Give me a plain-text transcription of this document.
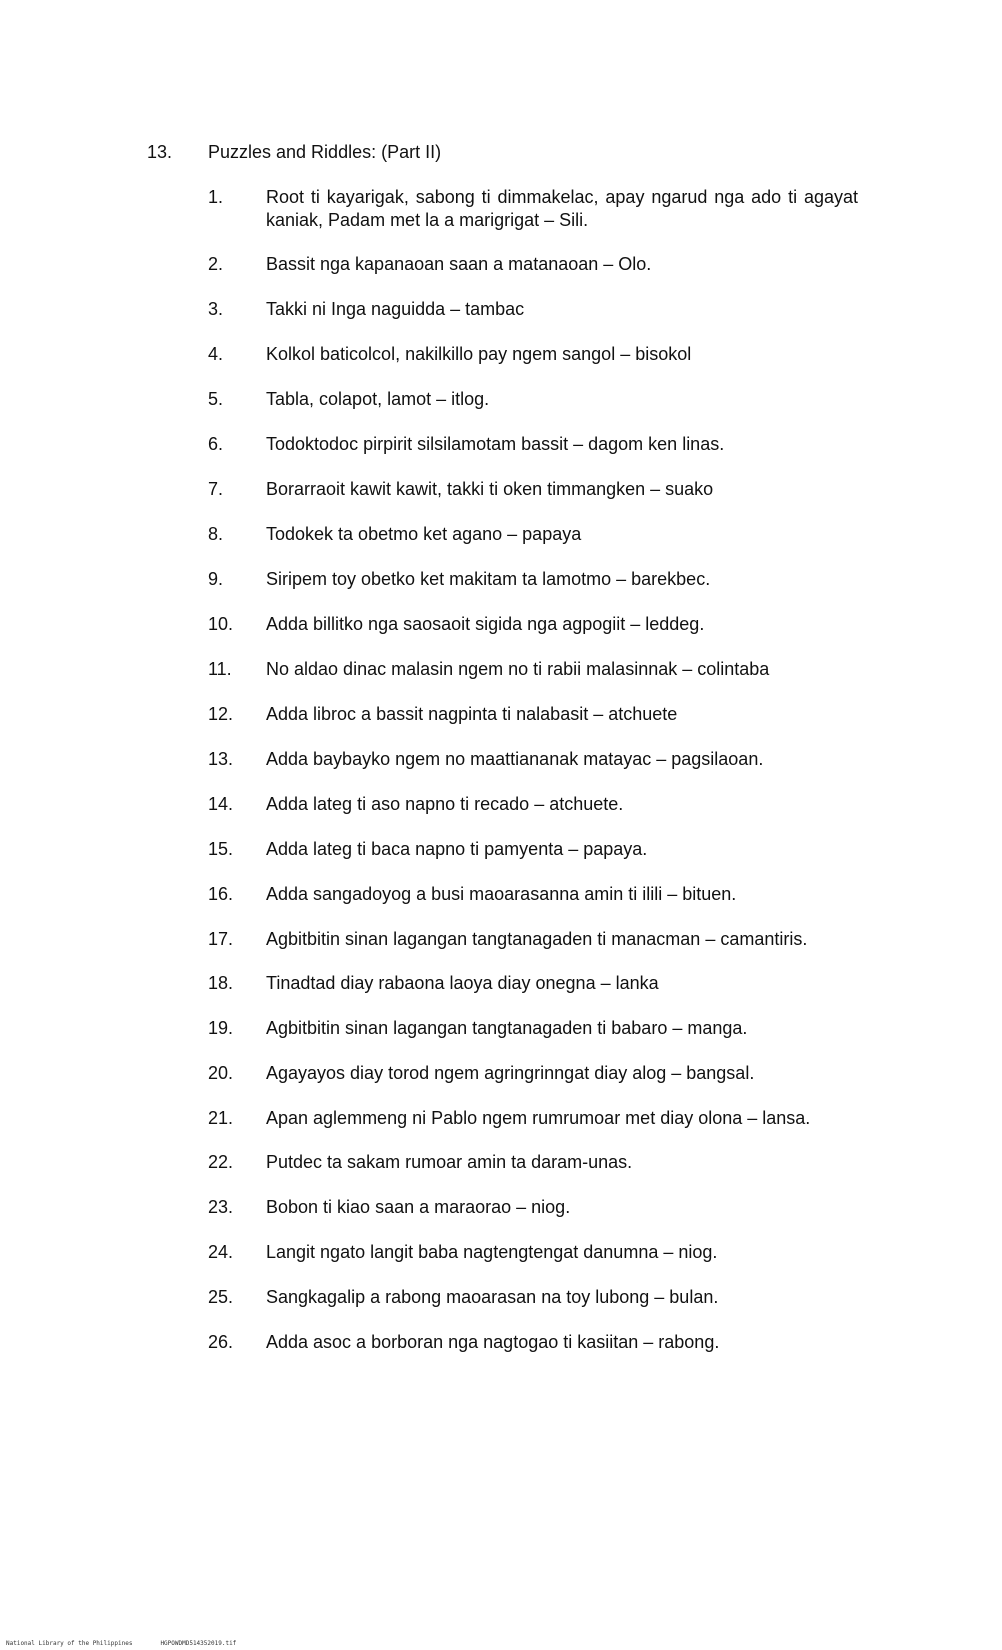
13. Puzzles and Riddles: (Part II)
1. Root ti kayarigak, sabong ti dimmakelac, apay ngarud nga ado ti agayat kaniak, Padam met la a marigrigat – Sili.
2. Bassit nga kapanaoan saan a matanaoan – Olo.
3. Takki ni Inga naguidda – tambac
4. Kolkol baticolcol, nakilkillo pay ngem sangol – bisokol
5. Tabla, colapot, lamot – itlog.
6. Todoktodoc pirpirit silsilamotam bassit – dagom ken linas.
7. Borarraoit kawit kawit, takki ti oken timmangken – suako
8. Todokek ta obetmo ket agano – papaya
9. Siripem toy obetko ket makitam ta lamotmo – barekbec.
10. Adda billitko nga saosaoit sigida nga agpogiit – leddeg.
11. No aldao dinac malasin ngem no ti rabii malasinnak – colintaba
12. Adda libroc a bassit nagpinta ti nalabasit – atchuete
13. Adda baybayko ngem no maattiananak matayac – pagsilaoan.
14. Adda lateg ti aso napno ti recado – atchuete.
15. Adda lateg ti baca napno ti pamyenta – papaya.
16. Adda sangadoyog a busi maoarasanna amin ti ilili – bituen.
17. Agbitbitin sinan lagangan tangtanagaden ti manacman – camantiris.
18. Tinadtad diay rabaona laoya diay onegna – lanka
19. Agbitbitin sinan lagangan tangtanagaden ti babaro – manga.
20. Agayayos diay torod ngem agringrinngat diay alog – bangsal.
21. Apan aglemmeng ni Pablo ngem rumrumoar met diay olona – lansa.
22. Putdec ta sakam rumoar amin ta daram-unas.
23. Bobon ti kiao saan a maraorao – niog.
24. Langit ngato langit baba nagtengtengat danumna – niog.
25. Sangkagalip a rabong maoarasan na toy lubong – bulan.
26. Adda asoc a borboran nga nagtogao ti kasiitan – rabong.
National Library of the Philippines	HGPOWDMD514352019.tif
